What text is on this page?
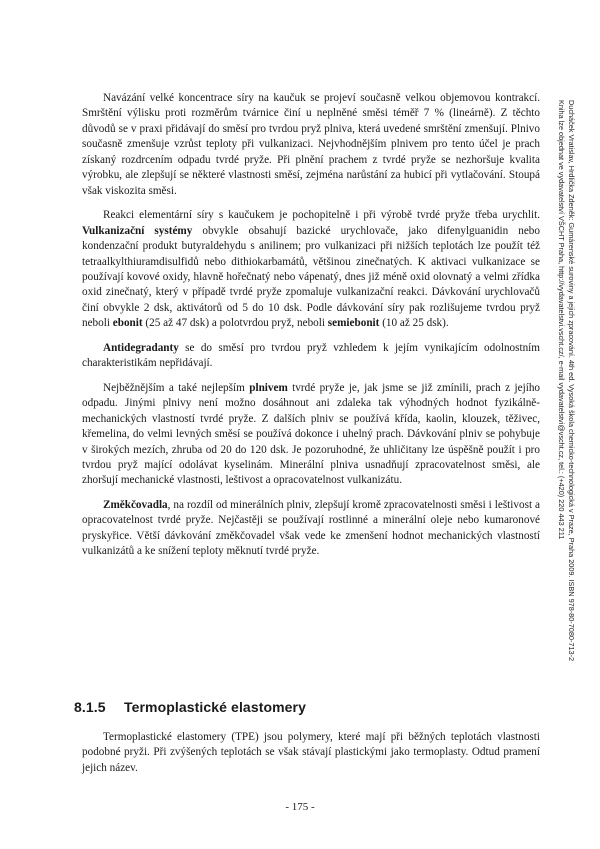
Navázání velké koncentrace síry na kaučuk se projeví současně velkou objemovou kontrakcí. Smrštění výlisku proti rozměrům tvárnice činí u neplněné směsi téměř 7 % (lineárně). Z těchto důvodů se v praxi přidávají do směsí pro tvrdou pryž plniva, která uvedené smrštění zmenšují. Plnivo současně zmenšuje vzrůst teploty při vulkanizaci. Nejvhodnějším plnivem pro tento účel je prach získaný rozdrcením odpadu tvrdé pryže. Při plnění prachem z tvrdé pryže se nezhoršuje kvalita výrobku, ale zlepšují se některé vlastnosti směsí, zejména narůstání za hubicí při vytlačování. Stoupá však viskozita směsi.

Reakci elementární síry s kaučukem je pochopitelně i při výrobě tvrdé pryže třeba urychlit. Vulkanizační systémy obvykle obsahují bazické urychlovače, jako difenylguanidin nebo kondenzační produkt butyraldehydu s anilinem; pro vulkanizaci při nižších teplotách lze použít též tetraalkylthiuramdisulfidů nebo dithiokarbamátů, většinou zinečnatých. K aktivaci vulkanizace se používají kovové oxidy, hlavně hořečnatý nebo vápenatý, dnes již méně oxid olovnatý a velmi zřídka oxid zinečnatý, který v případě tvrdé pryže zpomaluje vulkanizační reakci. Dávkování urychlovačů činí obvykle 2 dsk, aktivátorů od 5 do 10 dsk. Podle dávkování síry pak rozlišujeme tvrdou pryž neboli ebonit (25 až 47 dsk) a polotvrdou pryž, neboli semiebonit (10 až 25 dsk).

Antidegradanty se do směsí pro tvrdou pryž vzhledem k jejím vynikajícím odolnostním charakteristikám nepřidávají.

Nejběžnějším a také nejlepším plnivem tvrdé pryže je, jak jsme se již zmínili, prach z jejího odpadu. Jinými plnivy není možno dosáhnout ani zdaleka tak výhodných hodnot fyzikálně-mechanických vlastností tvrdé pryže. Z dalších plniv se používá křída, kaolin, klouzek, těživec, křemelina, do velmi levných směsí se používá dokonce i uhelný prach. Dávkování plniv se pohybuje v širokých mezích, zhruba od 20 do 120 dsk. Je pozoruhodné, že uhličitany lze úspěšně použít i pro tvrdou pryž mající odolávat kyselinám. Minerální plniva usnadňují zpracovatelnost směsi, ale zhoršují mechanické vlastnosti, leštivost a opracovatelnost vulkanizátu.

Změkčovadla, na rozdíl od minerálních plniv, zlepšují kromě zpracovatelnosti směsi i leštivost a opracovatelnost tvrdé pryže. Nejčastěji se používají rostlinné a minerální oleje nebo kumaronové pryskyřice. Větší dávkování změkčovadel však vede ke zmenšení hodnot mechanických vlastností vulkanizátů a ke snížení teploty měknutí tvrdé pryže.

8.1.5 Termoplastické elastomery

Termoplastické elastomery (TPE) jsou polymery, které mají při běžných teplotách vlastnosti podobné pryži. Při zvýšených teplotách se však stávají plastickými jako termoplasty. Odtud pramení jejich název.

- 175 -
Ducháček Vratislav, Hrdlička Zdeněk: Gumárenské suroviny a jejich zpracování. 4th ed. Vysoká škola chemicko-technologická v Praze, Praha 2009. ISBN 978-80-7080-713-2
Kniha lze objednat ve vydavatelství VŠCHT Praha, http://vydavatelstvi.vscht.cz/, e-mail vydavatelstvi@vscht.cz, tel.: (+420) 220 443 211
